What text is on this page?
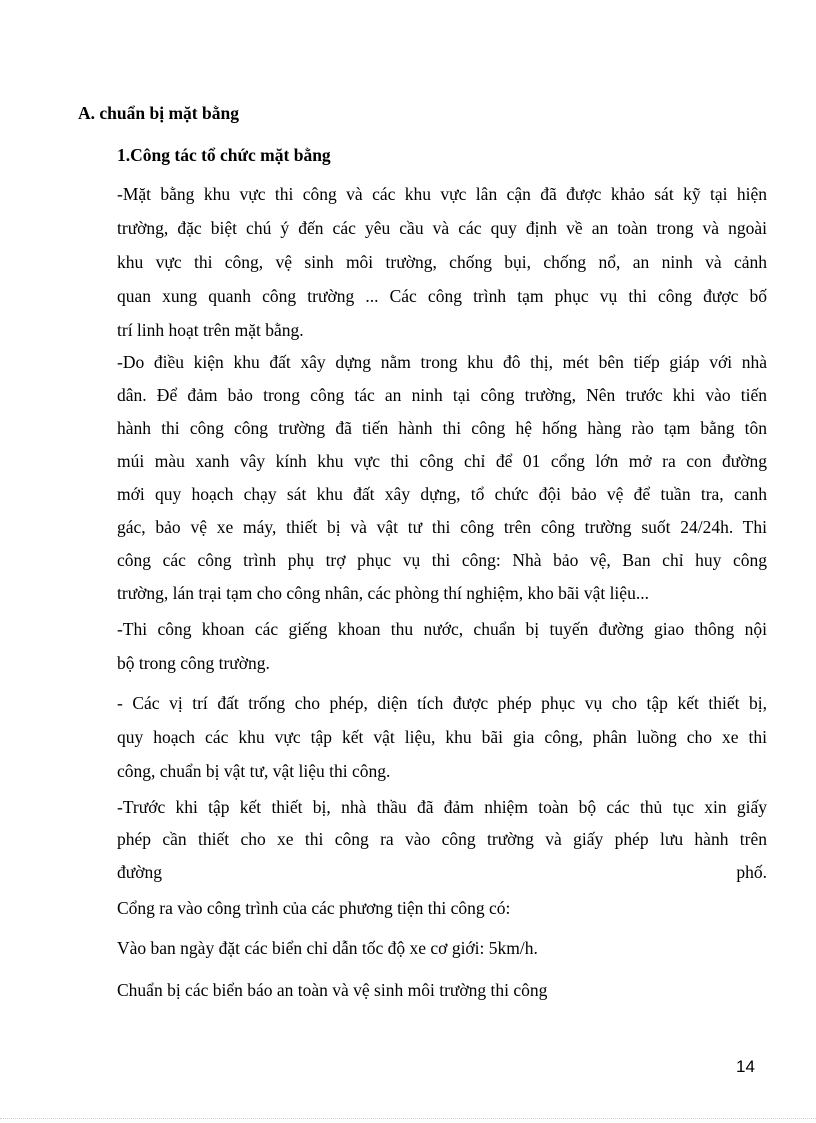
A. chuẩn bị mặt bằng
1.Công tác tổ chức mặt bằng
-Mặt bằng khu vực thi công và các khu vực lân cận đã được khảo sát kỹ tại hiện
trường, đặc biệt chú ý đến các yêu cầu và các quy định về an toàn trong và ngoài
khu vực thi công, vệ sinh môi trường, chống bụi, chống nổ, an ninh và cảnh
quan xung quanh công trường ... Các công trình tạm phục vụ thi công được bố
trí linh hoạt trên mặt bằng.
-Do điều kiện khu đất xây dựng nằm trong khu đô thị, mét bên tiếp giáp với nhà
dân. Để đảm bảo trong công tác an ninh tại công trường, Nên trước khi vào tiến
hành thi công công trường đã tiến hành thi công hệ hống hàng rào tạm bằng tôn
múi màu xanh vây kính khu vực thi công chỉ để 01 cổng lớn mở ra con đường
mới quy hoạch chạy sát khu đất xây dựng, tổ chức đội bảo vệ để tuần tra, canh
gác, bảo vệ xe máy, thiết bị và vật tư thi công trên công trường suốt 24/24h. Thi
công các công trình phụ trợ phục vụ thi công: Nhà bảo vệ, Ban chỉ huy công
trường, lán trại tạm cho công nhân, các phòng thí nghiệm, kho bãi vật liệu...
-Thi công khoan các giếng khoan thu nước, chuẩn bị tuyến đường giao thông nội
bộ trong công trường.
- Các vị trí đất trống cho phép, diện tích được phép phục vụ cho tập kết thiết bị,
quy hoạch các khu vực tập kết vật liệu, khu bãi gia công, phân luồng cho xe thi
công, chuẩn bị vật tư, vật liệu thi công.
-Trước khi tập kết thiết bị, nhà thầu đã đảm nhiệm toàn bộ các thủ tục xin giấy
phép cần thiết cho xe thi công ra vào công trường và giấy phép lưu hành trên
đường phố.
Cổng ra vào công trình của các phương tiện thi công có:
Vào ban ngày đặt các biển chỉ dẫn tốc độ xe cơ giới: 5km/h.
Chuẩn bị các biển báo an toàn và vệ sinh môi trường thi công
14
